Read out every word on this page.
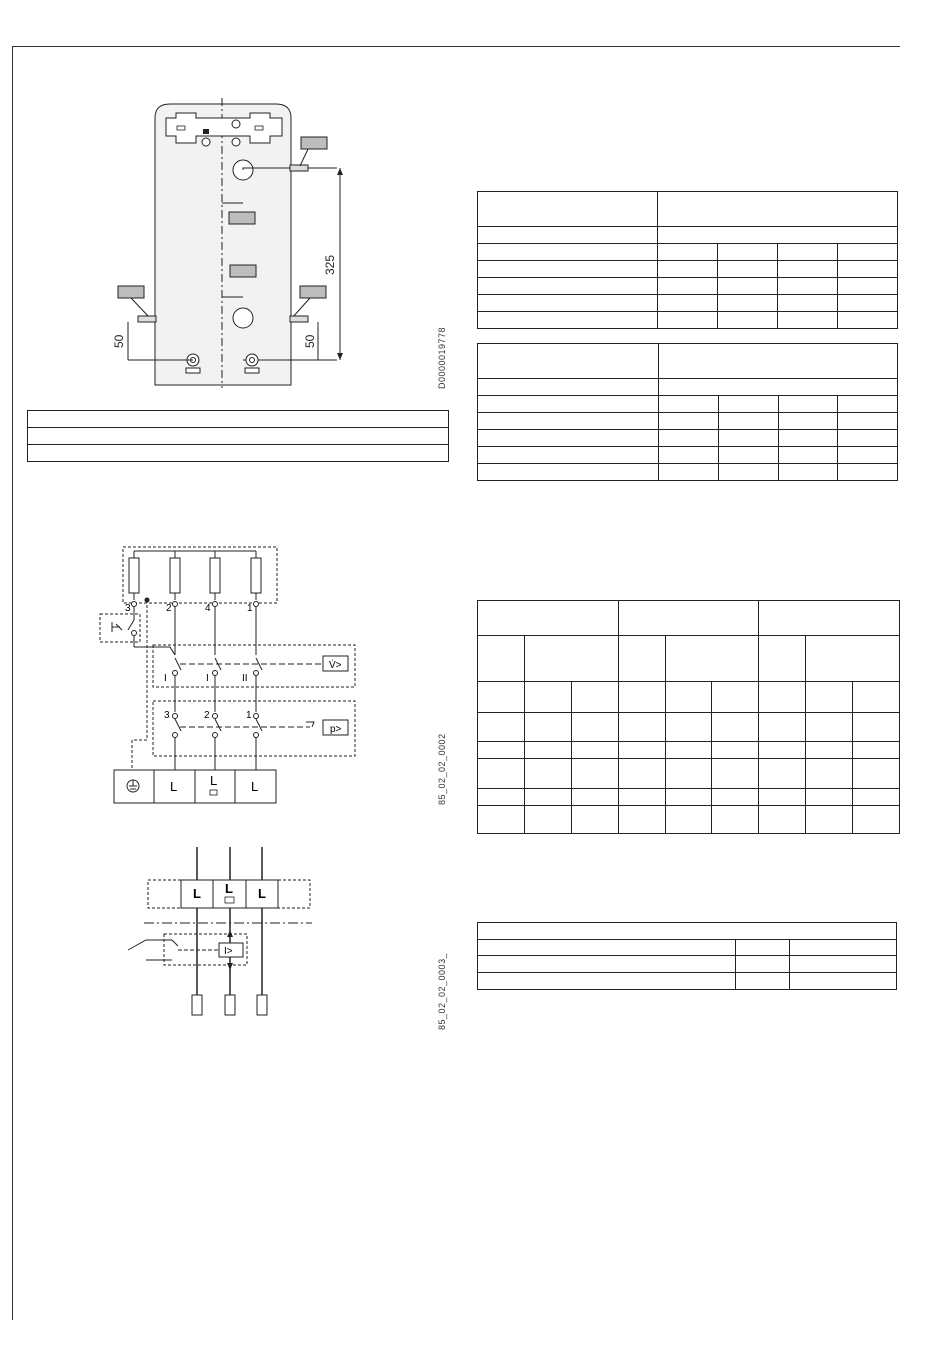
325
50	50	D0000019778

3	2	4	1
V̇>
I	I	II
p>
3	2	1
L	L	L	85_02_02_0002
L L L
I>
85_02_02_0003_
